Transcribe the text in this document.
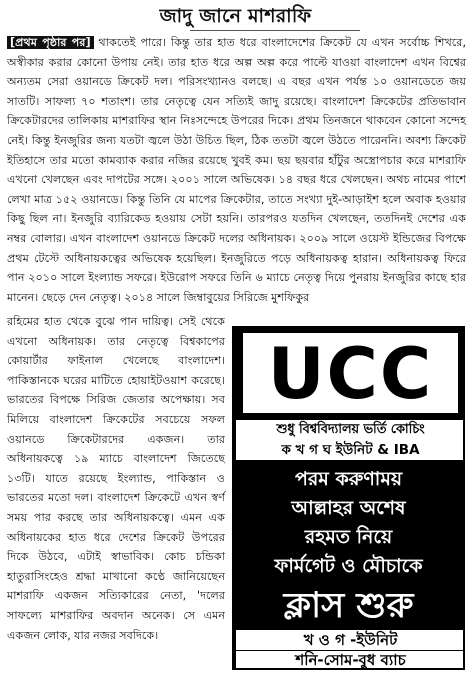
জাদু জানে মাশরাফি

[প্রথম পৃষ্ঠার পর] থাকতেই পারে। কিন্তু তার হাত ধরে বাংলাদেশের ক্রিকেট যে এখন সর্বোচ্চ শিখরে, অস্বীকার করার কোনো উপায় নেই। তার হাত ধরে অল্প অল্প করে পাল্টে যাওয়া বাংলাদেশ এখন বিশ্বের অন্যতম সেরা ওয়ানডে ক্রিকেট দল। পরিসংখ্যানও বলছে। এ বছর এখন পর্যন্ত ১০ ওয়ানডেতে জয় সাতটি। সাফল্য ৭০ শতাংশ। তার নেতৃত্বে যেন সত্যিই জাদু রয়েছে। বাংলাদেশ ক্রিকেটের প্রতিভাবান ক্রিকেটারদের তালিকায় মাশরাফির স্থান নিঃসন্দেহে উপরের দিকে। প্রথম তিনজনে থাকবেন কোনো সন্দেহ নেই। কিন্তু ইনজুরির জন্য যতটা জ্বলে উঠা উচিত ছিল, ঠিক ততটা জ্বলে উঠতে পারেননি। অবশ্য ক্রিকেট ইতিহাসে তার মতো কামব্যাক করার নজির রয়েছে খুবই কম। ছয় ছয়বার হাঁটুর অস্ত্রোপচার করে মাশরাফি এখনো খেলছেন এবং দাপটের সঙ্গে। ২০০১ সালে অভিষেক। ১৪ বছর ধরে খেলছেন। অথচ নামের পাশে লেখা মাত্র ১৫২ ওয়ানডে। কিন্তু তিনি যে মাপের ক্রিকেটার, তাতে সংখ্যা দুই-আড়াইশ হলে অবাক হওয়ার কিছু ছিল না। ইনজুরি ব্যারিকেড হওয়ায় সেটা হয়নি। তারপরও যতদিন খেলছেন, ততদিনই দেশের এক নম্বর বোলার। এখন বাংলাদেশ ওয়ানডে ক্রিকেট দলের অধিনায়ক। ২০০৯ সালে ওয়েস্ট ইন্ডিজের বিপক্ষে প্রথম টেস্টে অধিনায়কত্বের অভিষেক হয়েছিল। ইনজুরিতে পড়ে অধিনায়কত্ব হারান। অধিনায়কত্ব ফিরে পান ২০১০ সালে ইংল্যান্ড সফরে। ইউরোপ সফরে তিনি ৬ ম্যাচে নেতৃত্ব দিয়ে পুনরায় ইনজুরির কাছে হার মানেন। ছেড়ে দেন নেতৃত্ব। ২০১৪ সালে জিম্বাবুয়ের সিরিজে মুশফিকুর

রহিমের হাত থেকে বুঝে পান দায়িত্ব। সেই থেকে এখনো অধিনায়ক। তার নেতৃত্বে বিশ্বকাপের কোয়ার্টার ফাইনাল খেলেছে বাংলাদেশ। পাকিস্তানকে ঘরের মাটিতে হোয়াইটওয়াশ করেছে। ভারতের বিপক্ষে সিরিজ জেতার অপেক্ষায়। সব মিলিয়ে বাংলাদেশ ক্রিকেটের সবচেয়ে সফল ওয়ানডে ক্রিকেটারদের একজন। তার অধিনায়কত্বে ১৯ ম্যাচে বাংলাদেশ জিতেছে ১৩টি। যাতে রয়েছে ইংল্যান্ড, পাকিস্তান ও ভারতের মতো দল। বাংলাদেশ ক্রিকেটে এখন স্বর্ণ সময় পার করছে তার অধিনায়কত্বে। এমন এক অধিনায়কের হাত ধরে দেশের ক্রিকেট উপরের দিকে উঠবে, এটাই স্বাভাবিক। কোচ চন্ডিকা হাতুরাসিংহেও শ্রদ্ধা মাখানো কণ্ঠে জানিয়েছেন মাশরাফি একজন সত্যিকারের নেতা, 'দলের সাফল্যে মাশরাফির অবদান অনেক। সে এমন একজন লোক, যার নজর সবদিকে।

UCC
শুধু বিশ্ববিদ্যালয় ভর্তি কোচিং
ক খ গ ঘ ইউনিট & IBA
পরম করুণাময়
আল্লাহর অশেষ
রহমত নিয়ে
ফার্মগেট ও মৌচাকে
ক্লাস শুরু
খ ও গ -ইউনিট
শনি-সোম-বুধ ব্যাচ
